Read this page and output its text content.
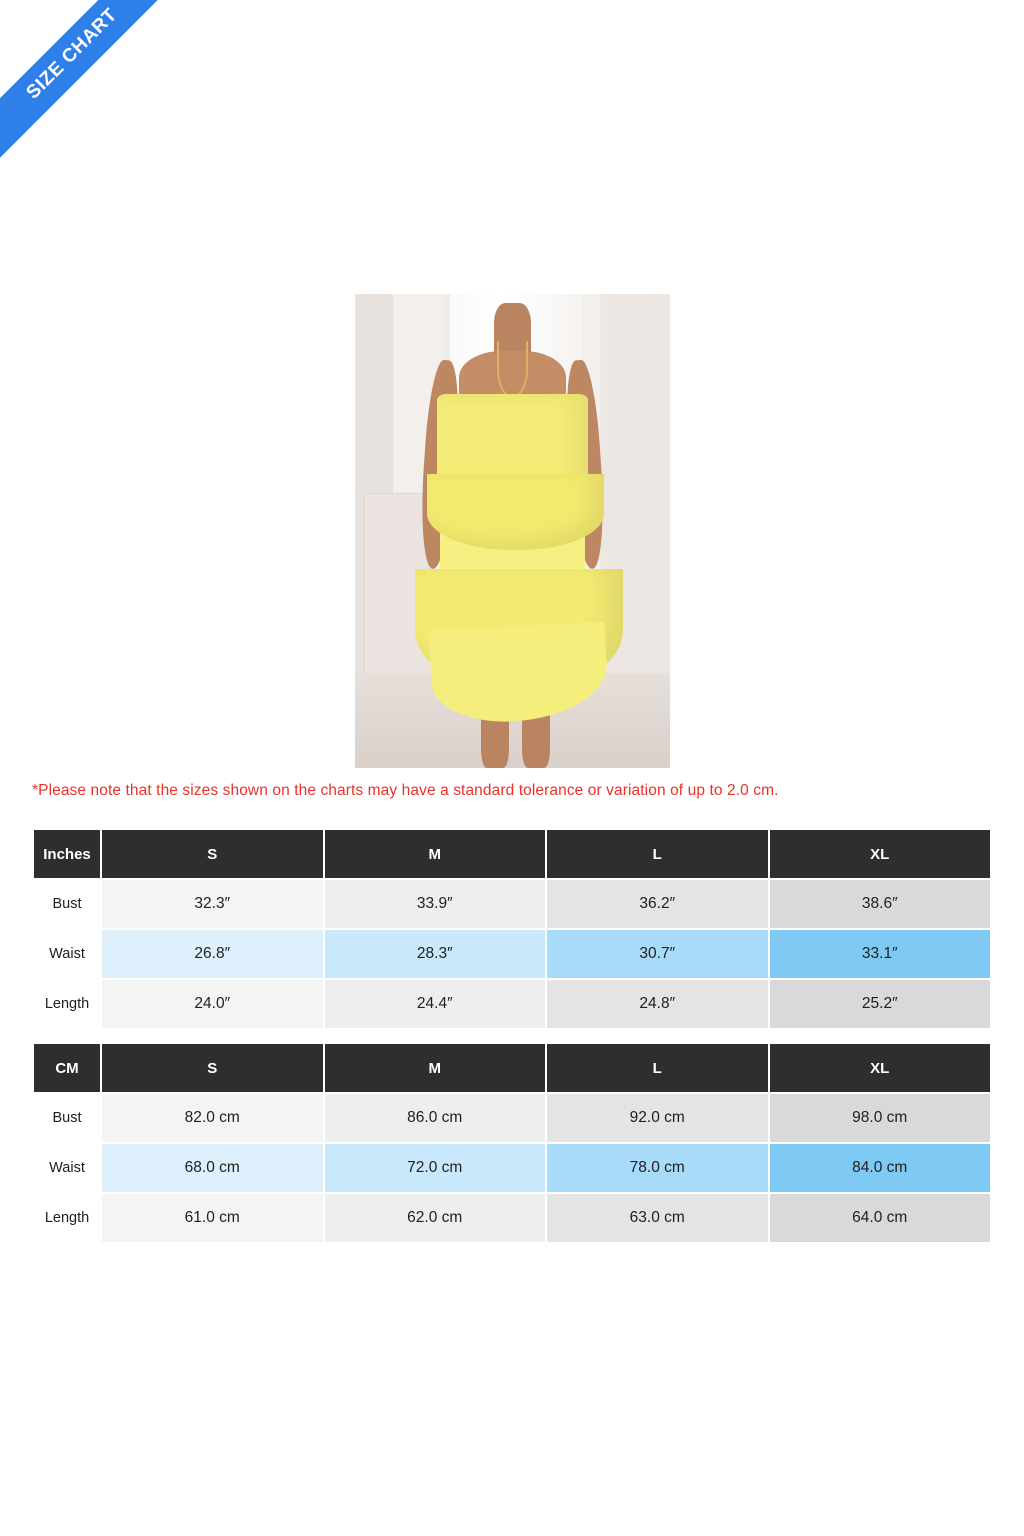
SIZE CHART
*Please note that the sizes shown on the charts may have a standard tolerance or variation of up to 2.0 cm.
Inches	S	M	L	XL
Bust	32.3″	33.9″	36.2″	38.6″
Waist	26.8″	28.3″	30.7″	33.1″
Length	24.0″	24.4″	24.8″	25.2″
CM	S	M	L	XL
Bust	82.0 cm	86.0 cm	92.0 cm	98.0 cm
Waist	68.0 cm	72.0 cm	78.0 cm	84.0 cm
Length	61.0 cm	62.0 cm	63.0 cm	64.0 cm
